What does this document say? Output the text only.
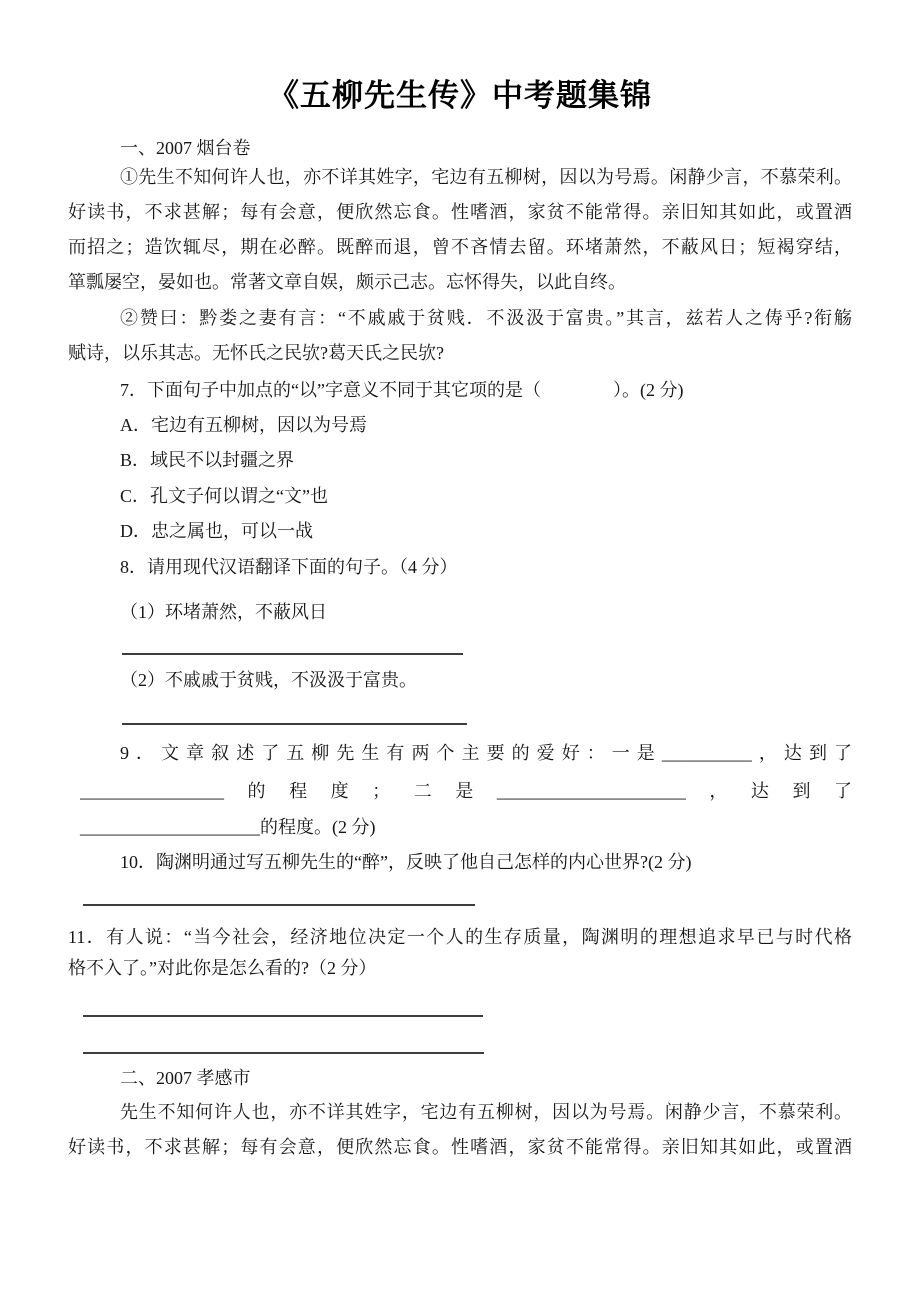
《五柳先生传》中考题集锦
一、2007 烟台卷
①先生不知何许人也，亦不详其姓字，宅边有五柳树，因以为号焉。闲静少言，不慕荣利。
好读书，不求甚解；每有会意，便欣然忘食。性嗜酒，家贫不能常得。亲旧知其如此，或置酒
而招之；造饮辄尽，期在必醉。既醉而退，曾不吝情去留。环堵萧然，不蔽风日；短褐穿结，
箪瓢屡空，晏如也。常著文章自娱，颇示己志。忘怀得失，以此自终。
②赞曰：黔娄之妻有言：“不戚戚于贫贱．不汲汲于富贵。”其言，兹若人之俦乎?衔觞
赋诗，以乐其志。无怀氏之民欤?葛天氏之民欤?
7．下面句子中加点的“以”字意义不同于其它项的是（　　　　）。(2 分)
A．宅边有五柳树，因以为号焉
B．域民不以封疆之界
C．孔文子何以谓之“文”也
D．忠之属也，可以一战
8．请用现代汉语翻译下面的句子。（4 分）
（1）环堵萧然，不蔽风日
（2）不戚戚于贫贱，不汲汲于富贵。
9．文章叙述了五柳先生有两个主要的爱好：一是__________，达到了
________________的程度；二是_____________________，达到了
____________________的程度。(2 分)
10．陶渊明通过写五柳先生的“醉”，反映了他自己怎样的内心世界?(2 分)
11．有人说：“当今社会，经济地位决定一个人的生存质量，陶渊明的理想追求早已与时代格
格不入了。”对此你是怎么看的?（2 分）
二、2007 孝感市
先生不知何许人也，亦不详其姓字，宅边有五柳树，因以为号焉。闲静少言，不慕荣利。
好读书，不求甚解；每有会意，便欣然忘食。性嗜酒，家贫不能常得。亲旧知其如此，或置酒
